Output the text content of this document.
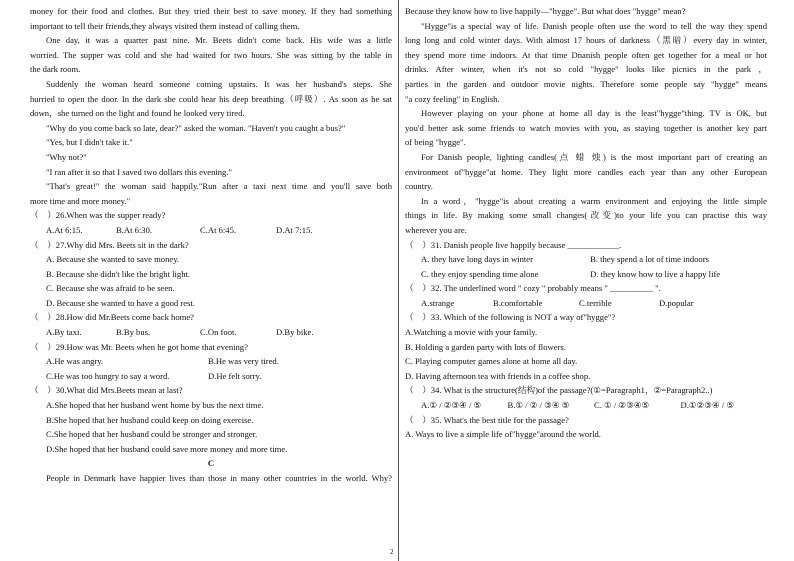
money for their food and clothes. But they tried their best to save money. If they had something
important to tell their friends,they always visited them instead of calling them.
One day, it was a quarter past nine. Mr. Beets didn't come back. His wife was a little
worried. The supper was cold and she had waited for two hours. She was sitting by the table in
the dark room.
Suddenly the woman heard someone coming upstairs. It was her husband's steps. She
hurried to open the door. In the dark she could hear his deep breathing（呼吸）. As soon as he sat
down，she turned on the light and found he looked very tired.
"Why do you come back so late, dear?" asked the woman. "Haven't you caught a bus?"
"Yes, but I didn't take it."
"Why not?"
"I ran after it so that I saved two dollars this evening."
"That's great!" the woman said happily."Run after a taxi next time and you'll save both
more time and more money."
（　）26.When was the supper ready?
A.At 6:15.	B.At 6:30.	C.At 6:45.	D.At 7:15.
（　）27.Why did Mrs. Beets sit in the dark?
A. Because she wanted to save money.
B. Because she didn't like the bright light.
C. Because she was afraid to be seen.
D. Because she wanted to have a good rest.
（　）28.How did Mr.Beets come back home?
A.By taxi.	B.By bus.	C.On foot.	D.By bike.
（　）29.How was Mr. Beets when he got home that evening?
A.He was angry.	B.He was very tired.
C.He was too hungry to say a word.	D.He felt sorry.
（　）30.What did Mrs.Beets mean at last?
A.She hoped that her husband went home by bus the next time.
B.She hoped that her husband could keep on doing exercise.
C.She hoped that her husband could be stronger and stronger.
D.She hoped that her husband could save more money and more time.
C
People in Denmark have happier lives than those in many other countries in the world. Why?
Because they know how to live happily—"hygge". But what does "hygge" mean?
"Hygge"is a special way of life. Danish people often use the word to tell the way they spend
long long and cold winter days. With almost 17 hours of darkness（黑暗）every day in winter,
they spend more time indoors. At that time Dnanish people often get together for a meal or hot
drinks. After winter, when it's not so cold "hygge" looks like picnics in the park ，
parties in the garden and outdoor movie nights. Therefore some people say "hygge" means
"a cozy feeling" in English.
However playing on your phone at home all day is the least"hygge"thing. TV is OK, but
you'd better ask some friends to watch movies with you, as staying together is another key part
of being "hygge".
For Danish people, lighting candles(点 蜡 烛) is the most important part of creating an
environment of"hygge"at home. They light more candles each year than any other European
country.
In a word，"hygge"is about creating a warm environment and enjoying the little simple
things in life. By making some small changes(改变)to your life you can practise this way
wherever you are.
（　）31. Danish people live happily because ____________.
A. they have long days in winter	B. they spend a lot of time indoors
C. they enjoy spending time alone	D. they know how to live a happy life
（　）32. The underlined word " cozy " probably means " __________ ".
A.strange	B.comfortable	C.terrible	D.popular
（　）33. Which of the following is NOT a way of"hygge"?
A.Watching a movie with your family.
B. Holding a garden party with lots of flowers.
C. Playing computer games alone at home all day.
D. Having afternoon tea with friends in a coffee shop.
（　）34. What is the structure(结构)of the passage?(①=Paragraph1，②=Paragraph2..)
A.① / ②③④ / ⑤	B.① / ② / ③④ ⑤	C. ① / ②③④⑤	D.①②③④ / ⑤
（　）35. What's the best title for the passage?
A. Ways to live a simple life of"hygge"around the world.
2
